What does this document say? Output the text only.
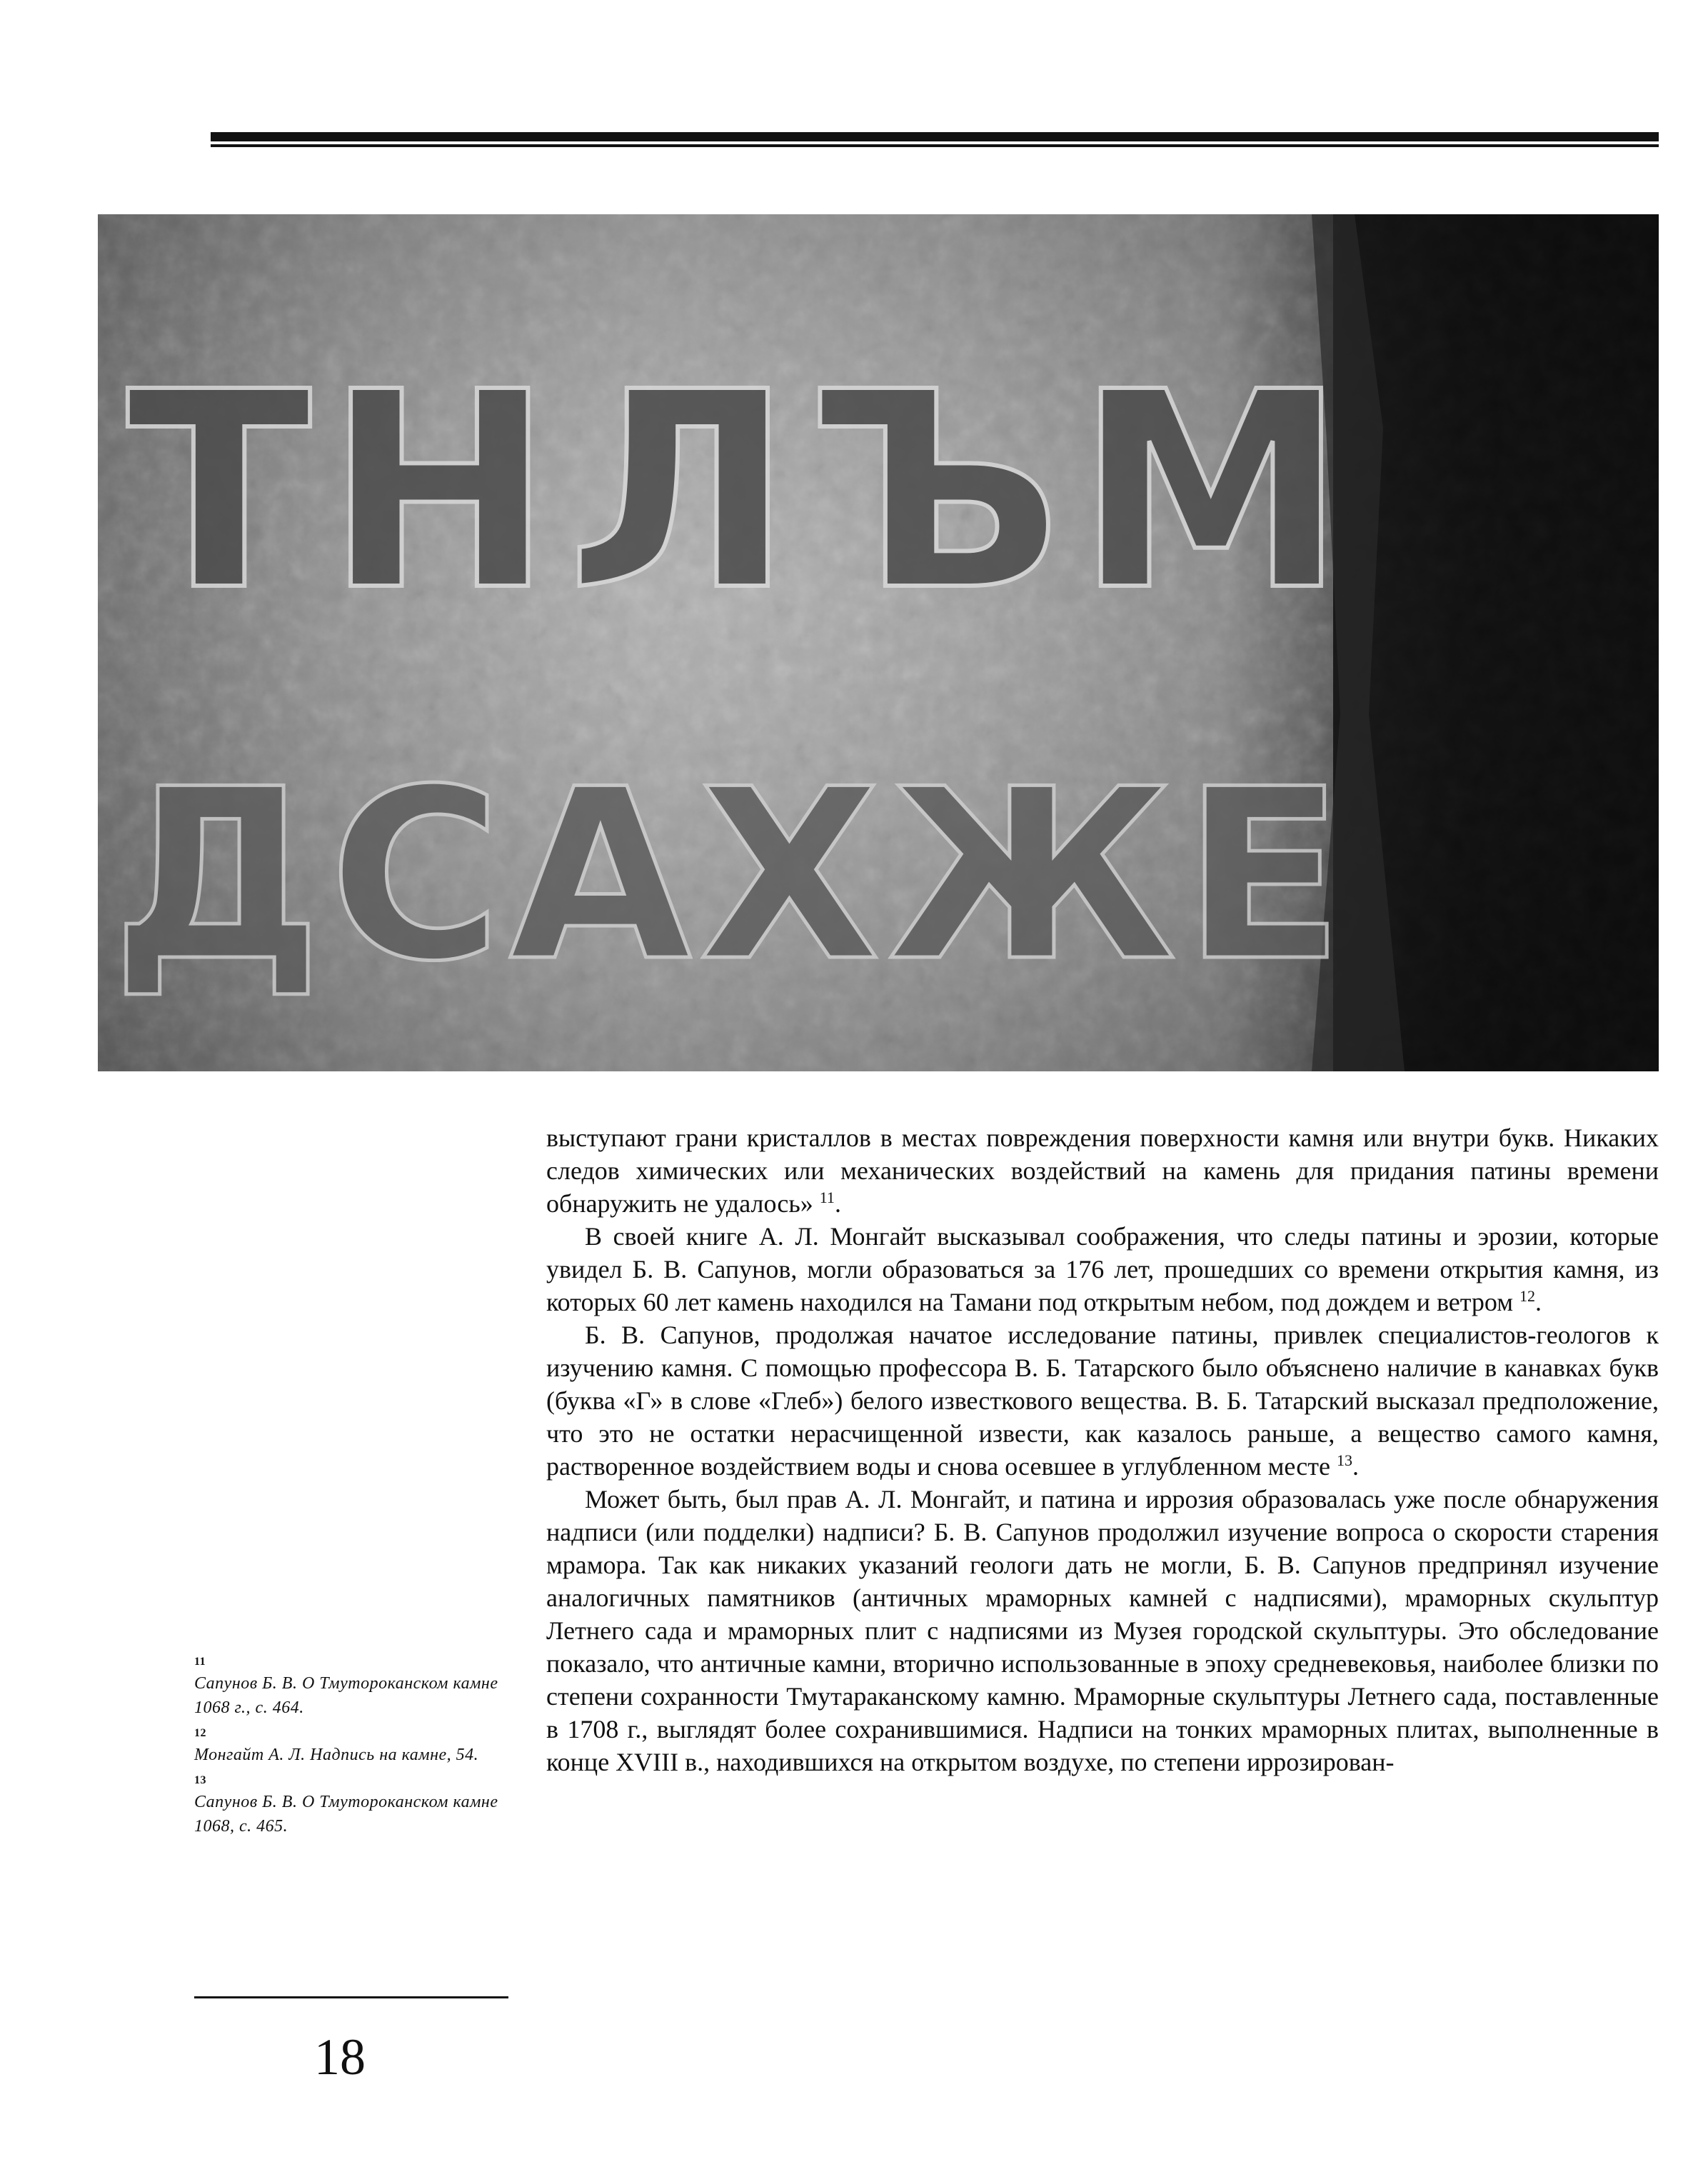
ТНЛЪМ
ДСАХЖЕ

выступают грани кристаллов в местах повреждения поверхности камня или внутри букв. Никаких следов химических или механических воздействий на камень для придания патины времени обнаружить не удалось» $^{11}$.

В своей книге А. Л. Монгайт высказывал соображения, что следы патины и эрозии, которые увидел Б. В. Сапунов, могли образоваться за 176 лет, прошедших со времени открытия камня, из которых 60 лет камень находился на Тамани под открытым небом, под дождем и ветром $^{12}$.

Б. В. Сапунов, продолжая начатое исследование патины, привлек специалистов-геологов к изучению камня. С помощью профессора В. Б. Татарского было объяснено наличие в канавках букв (буква «Г» в слове «Глеб») белого известкового вещества. В. Б. Татарский высказал предположение, что это не остатки нерасчищенной извести, как казалось раньше, а вещество самого камня, растворенное воздействием воды и снова осевшее в углубленном месте $^{13}$.

Может быть, был прав А. Л. Монгайт, и патина и иррозия образовалась уже после обнаружения надписи (или подделки) надписи? Б. В. Сапунов продолжил изучение вопроса о скорости старения мрамора. Так как никаких указаний геологи дать не могли, Б. В. Сапунов предпринял изучение аналогичных памятников (античных мраморных камней с надписями), мраморных скульптур Летнего сада и мраморных плит с надписями из Музея городской скульптуры. Это обследование показало, что античные камни, вторично использованные в эпоху средневековья, наиболее близки по степени сохранности Тмутараканскому камню. Мраморные скульптуры Летнего сада, поставленные в 1708 г., выглядят более сохранившимися. Надписи на тонких мраморных плитах, выполненные в конце XVIII в., находившихся на открытом воздухе, по степени иррозирован-

11
Сапунов Б. В. О Тмутороканском камне 1068 г., с. 464.
12
Монгайт А. Л. Надпись на камне, 54.
13
Сапунов Б. В. О Тмутороканском камне 1068, с. 465.
18
